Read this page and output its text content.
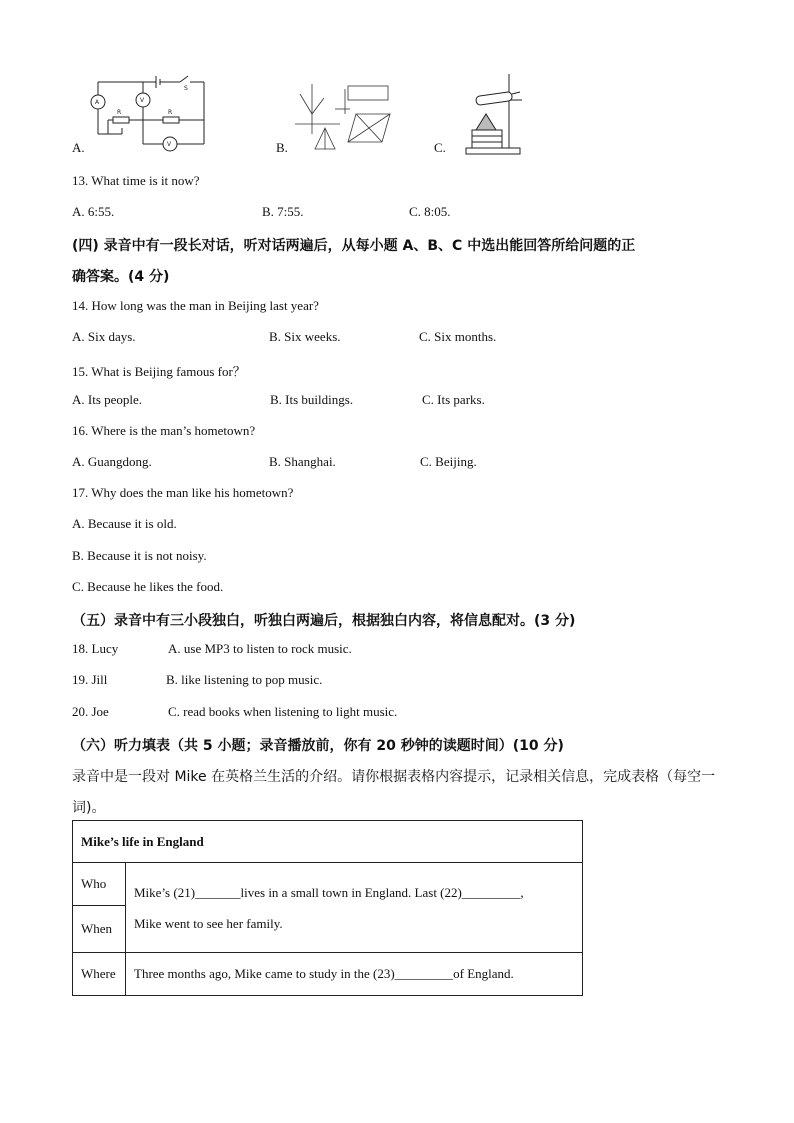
A	V
V
S
R	R
A.	B.	C.
13. What time is it now?
A. 6:55.	B. 7:55.	C. 8:05.
(四) 录音中有一段长对话，听对话两遍后，从每小题 A、B、C 中选出能回答所给问题的正
确答案。(4 分)
14. How long was the man in Beijing last year?
A. Six days.	B. Six weeks.	C. Six months.
15. What is Beijing famous for？
A. Its people.	B. Its buildings.	C. Its parks.
16. Where is the man’s hometown?
A. Guangdong.	B. Shanghai.	C. Beijing.
17. Why does the man like his hometown?
A. Because it is old.
B. Because it is not noisy.
C. Because he likes the food.
（五）录音中有三小段独白，听独白两遍后，根据独白内容，将信息配对。(3 分)
18. Lucy	A. use MP3 to listen to rock music.
19. Jill	B. like listening to pop music.
20. Joe	C. read books when listening to light music.
（六）听力填表（共 5 小题；录音播放前，你有 20 秒钟的读题时间）(10 分)
录音中是一段对 Mike 在英格兰生活的介绍。请你根据表格内容提示，记录相关信息，完成表格（每空一
词)。
Mike’s life in England	
Who	Mike’s (21)_______lives in a small town in England. Last (22)_________,
Mike went to see her family.

When	
Where	Three months ago, Mike came to study in the (23)_________of England.
